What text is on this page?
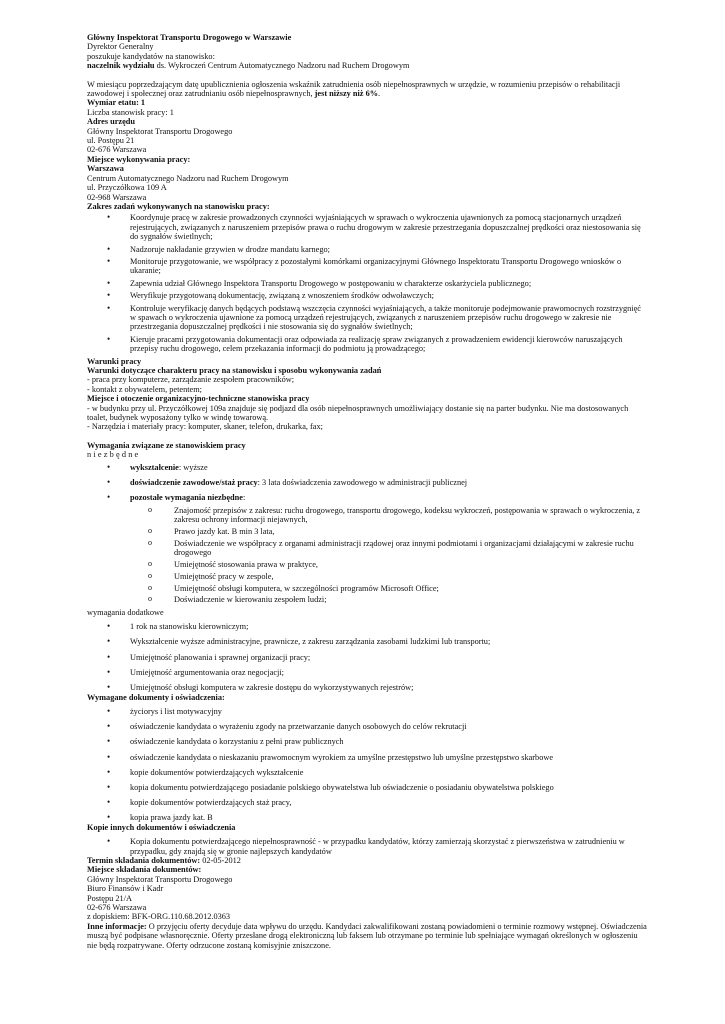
Główny Inspektorat Transportu Drogowego w Warszawie

Dyrektor Generalny

poszukuje kandydatów na stanowisko:

naczelnik wydziału ds. Wykroczeń Centrum Automatycznego Nadzoru nad Ruchem Drogowym

W miesiącu poprzedzającym datę upublicznienia ogłoszenia wskaźnik zatrudnienia osób niepełnosprawnych w urzędzie, w rozumieniu przepisów o rehabilitacji zawodowej i społecznej oraz zatrudnianiu osób niepełnosprawnych, jest niższy niż 6%.

Wymiar etatu: 1

Liczba stanowisk pracy: 1

Adres urzędu

Główny Inspektorat Transportu Drogowego

ul. Postępu 21

02-676 Warszawa

Miejsce wykonywania pracy:

Warszawa

Centrum Automatycznego Nadzoru nad Ruchem Drogowym

ul. Przyczółkowa 109 A

02-968 Warszawa

Zakres zadań wykonywanych na stanowisku pracy:

• Koordynuje pracę w zakresie prowadzonych czynności wyjaśniających w sprawach o wykroczenia ujawnionych za pomocą stacjonarnych urządzeń rejestrujących, związanych z naruszeniem przepisów prawa o ruchu drogowym w zakresie przestrzegania dopuszczalnej prędkości oraz niestosowania się do sygnałów świetlnych;
• Nadzoruje nakładanie grzywien w drodze mandatu karnego;
• Monitoruje przygotowanie, we współpracy z pozostałymi komórkami organizacyjnymi Głównego Inspektoratu Transportu Drogowego wniosków o ukaranie;
• Zapewnia udział Głównego Inspektora Transportu Drogowego w postępowaniu w charakterze oskarżyciela publicznego;
• Weryfikuje przygotowaną dokumentację, związaną z wnoszeniem środków odwoławczych;
• Kontroluje weryfikację danych będących podstawą wszczęcia czynności wyjaśniających, a także monitoruje podejmowanie prawomocnych rozstrzygnięć w spawach o wykroczenia ujawnione za pomocą urządzeń rejestrujących, związanych z naruszeniem przepisów ruchu drogowego w zakresie nie przestrzegania dopuszczalnej prędkości i nie stosowania się do sygnałów świetlnych;
• Kieruje pracami przygotowania dokumentacji oraz odpowiada za realizację spraw związanych z prowadzeniem ewidencji kierowców naruszających przepisy ruchu drogowego, celem przekazania informacji do podmiotu ją prowadzącego;

Warunki pracy

Warunki dotyczące charakteru pracy na stanowisku i sposobu wykonywania zadań

- praca przy komputerze, zarządzanie zespołem pracowników;

- kontakt z obywatelem, petentem;

Miejsce i otoczenie organizacyjno-techniczne stanowiska pracy

- w budynku przy ul. Przyczółkowej 109a znajduje się podjazd dla osób niepełnosprawnych umożliwiający dostanie się na parter budynku. Nie ma dostosowanych toalet, budynek wyposażony tylko w windę towarową.

- Narzędzia i materiały pracy: komputer, skaner, telefon, drukarka, fax;

Wymagania związane ze stanowiskiem pracy

niezbędne

• wykształcenie: wyższe
• doświadczenie zawodowe/staż pracy: 3 lata doświadczenia zawodowego w administracji publicznej
• pozostałe wymagania niezbędne:
o Znajomość przepisów z zakresu: ruchu drogowego, transportu drogowego, kodeksu wykroczeń, postępowania w sprawach o wykroczenia, z zakresu ochrony informacji niejawnych,
o Prawo jazdy kat. B min 3 lata,
o Doświadczenie we współpracy z organami administracji rządowej oraz innymi podmiotami i organizacjami działającymi w zakresie ruchu drogowego
o Umiejętność stosowania prawa w praktyce,
o Umiejętność pracy w zespole,
o Umiejętność obsługi komputera, w szczególności programów Microsoft Office;
o Doświadczenie w kierowaniu zespołem ludzi;

wymagania dodatkowe

• 1 rok na stanowisku kierowniczym;
• Wykształcenie wyższe administracyjne, prawnicze, z zakresu zarządzania zasobami ludzkimi lub transportu;
• Umiejętność planowania i sprawnej organizacji pracy;
• Umiejętność argumentowania oraz negocjacji;
• Umiejętność obsługi komputera w zakresie dostępu do wykorzystywanych rejestrów;

Wymagane dokumenty i oświadczenia:

• życiorys i list motywacyjny
• oświadczenie kandydata o wyrażeniu zgody na przetwarzanie danych osobowych do celów rekrutacji
• oświadczenie kandydata o korzystaniu z pełni praw publicznych
• oświadczenie kandydata o nieskazaniu prawomocnym wyrokiem za umyślne przestępstwo lub umyślne przestępstwo skarbowe
• kopie dokumentów potwierdzających wykształcenie
• kopia dokumentu potwierdzającego posiadanie polskiego obywatelstwa lub oświadczenie o posiadaniu obywatelstwa polskiego
• kopie dokumentów potwierdzających staż pracy,
• kopia prawa jazdy kat. B

Kopie innych dokumentów i oświadczenia

• Kopia dokumentu potwierdzającego niepełnosprawność - w przypadku kandydatów, którzy zamierzają skorzystać z pierwszeństwa w zatrudnieniu w przypadku, gdy znajdą się w gronie najlepszych kandydatów

Termin składania dokumentów: 02-05-2012

Miejsce składania dokumentów:

Główny Inspektorat Transportu Drogowego

Biuro Finansów i Kadr

Postępu 21/A

02-676 Warszawa

z dopiskiem: BFK-ORG.110.68.2012.0363

Inne informacje: O przyjęciu oferty decyduje data wpływu do urzędu. Kandydaci zakwalifikowani zostaną powiadomieni o terminie rozmowy wstępnej. Oświadczenia muszą być podpisane własnoręcznie. Oferty przesłane drogą elektroniczną lub faksem lub otrzymane po terminie lub spełniające wymagań określonych w ogłoszeniu nie będą rozpatrywane. Oferty odrzucone zostaną komisyjnie zniszczone.
